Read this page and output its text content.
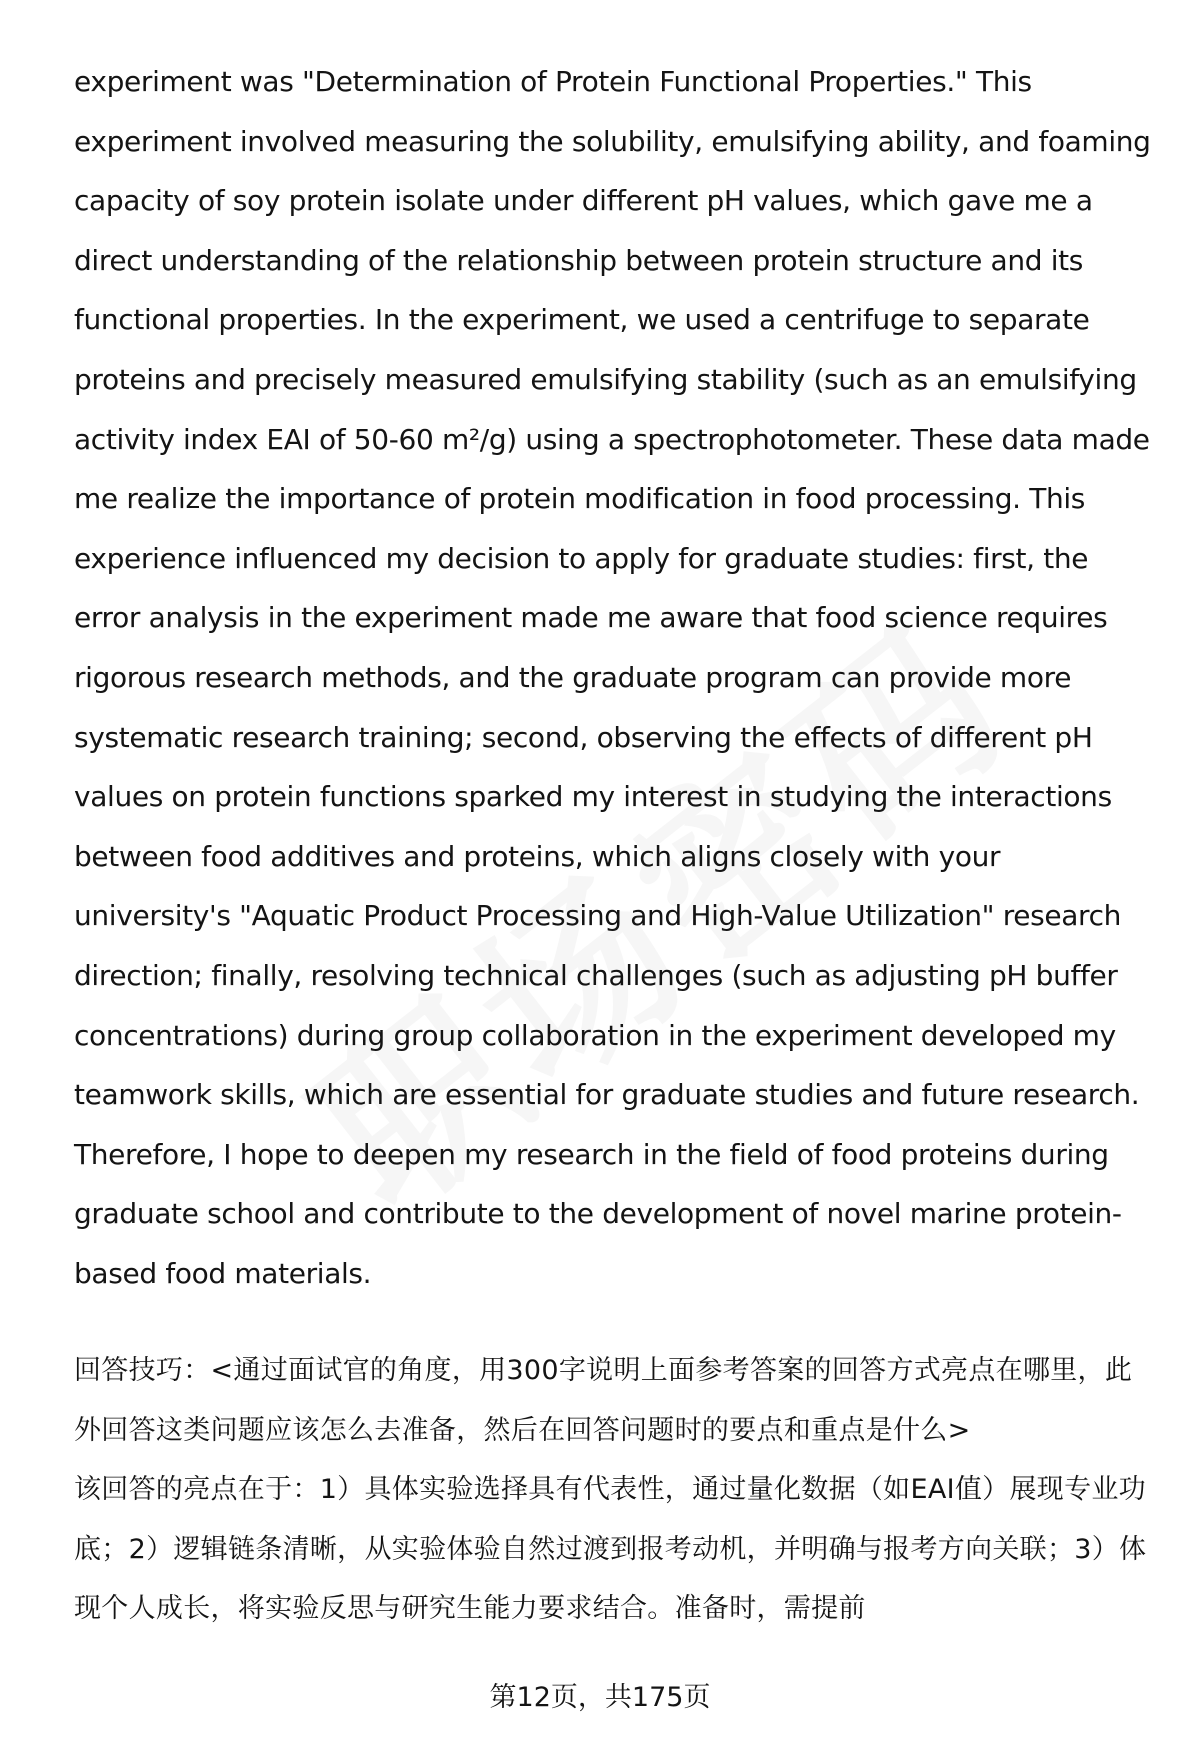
experiment was "Determination of Protein Functional Properties." This experiment involved measuring the solubility, emulsifying ability, and foaming capacity of soy protein isolate under different pH values, which gave me a direct understanding of the relationship between protein structure and its functional properties. In the experiment, we used a centrifuge to separate proteins and precisely measured emulsifying stability (such as an emulsifying activity index EAI of 50-60 m²/g) using a spectrophotometer. These data made me realize the importance of protein modification in food processing. This experience influenced my decision to apply for graduate studies: first, the error analysis in the experiment made me aware that food science requires rigorous research methods, and the graduate program can provide more systematic research training; second, observing the effects of different pH values on protein functions sparked my interest in studying the interactions between food additives and proteins, which aligns closely with your university's "Aquatic Product Processing and High-Value Utilization" research direction; finally, resolving technical challenges (such as adjusting pH buffer concentrations) during group collaboration in the experiment developed my teamwork skills, which are essential for graduate studies and future research. Therefore, I hope to deepen my research in the field of food proteins during graduate school and contribute to the development of novel marine protein-based food materials.

回答技巧：<通过面试官的角度，用300字说明上面参考答案的回答方式亮点在哪里，此外回答这类问题应该怎么去准备，然后在回答问题时的要点和重点是什么>
该回答的亮点在于：1）具体实验选择具有代表性，通过量化数据（如EAI值）展现专业功底；2）逻辑链条清晰，从实验体验自然过渡到报考动机，并明确与报考方向关联；3）体现个人成长，将实验反思与研究生能力要求结合。准备时，需提前

第12页，共175页
